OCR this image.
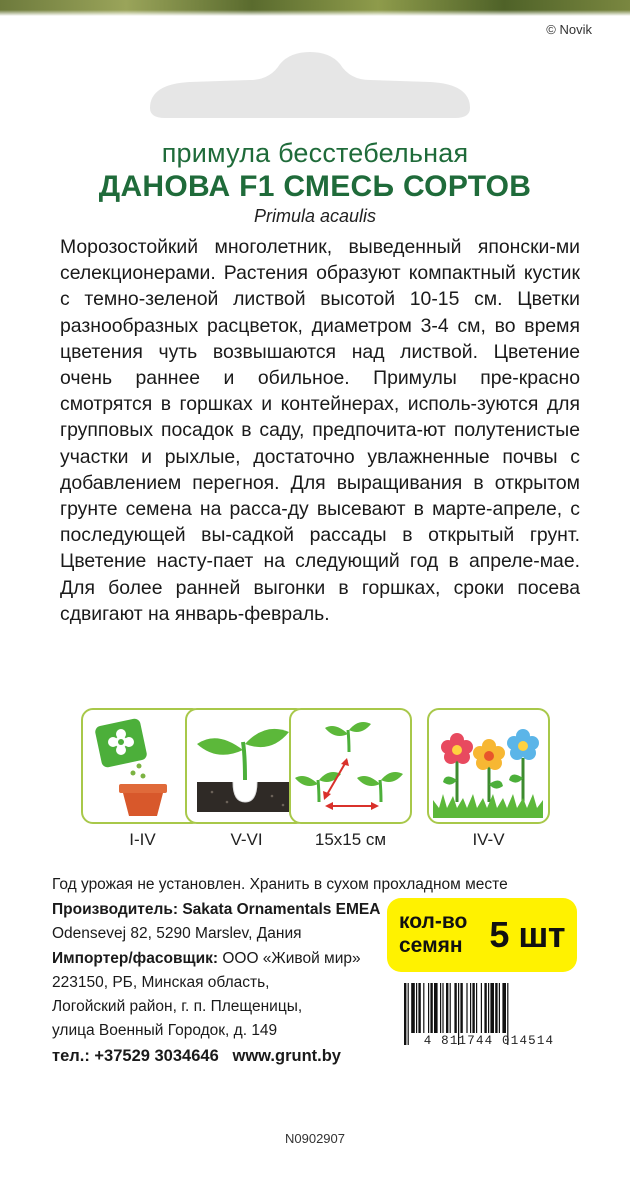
© Novik
примула бесстебельная
ДАНОВА F1 СМЕСЬ СОРТОВ
Primula acaulis
Морозостойкий многолетник, выведенный японски-ми селекционерами. Растения образуют компактный кустик с темно-зеленой листвой высотой 10-15 см. Цветки разнообразных расцветок, диаметром 3-4 см, во время цветения чуть возвышаются над листвой. Цветение очень раннее и обильное. Примулы пре-красно смотрятся в горшках и контейнерах, исполь-зуются для групповых посадок в саду, предпочита-ют полутенистые участки и рыхлые, достаточно увлажненные почвы с добавлением перегноя. Для выращивания в открытом грунте семена на расса-ду высевают в марте-апреле, с последующей вы-садкой рассады в открытый грунт. Цветение насту-пает на следующий год в апреле-мае. Для более ранней выгонки в горшках, сроки посева сдвигают на январь-февраль.
I-IV	V-VI	15x15 см	IV-V
Год урожая не установлен. Хранить в сухом прохладном месте
Производитель: Sakata Ornamentals EMEA
Odensevej 82, 5290 Marslev, Дания
Импортер/фасовщик: ООО «Живой мир»
223150, РБ, Минская область,
Логойский район, г. п. Плещеницы,
улица Военный Городок, д. 149
тел.: +37529 3034646 www.grunt.by
кол-во
семян 5 шт
4 811744 014514
N0902907
